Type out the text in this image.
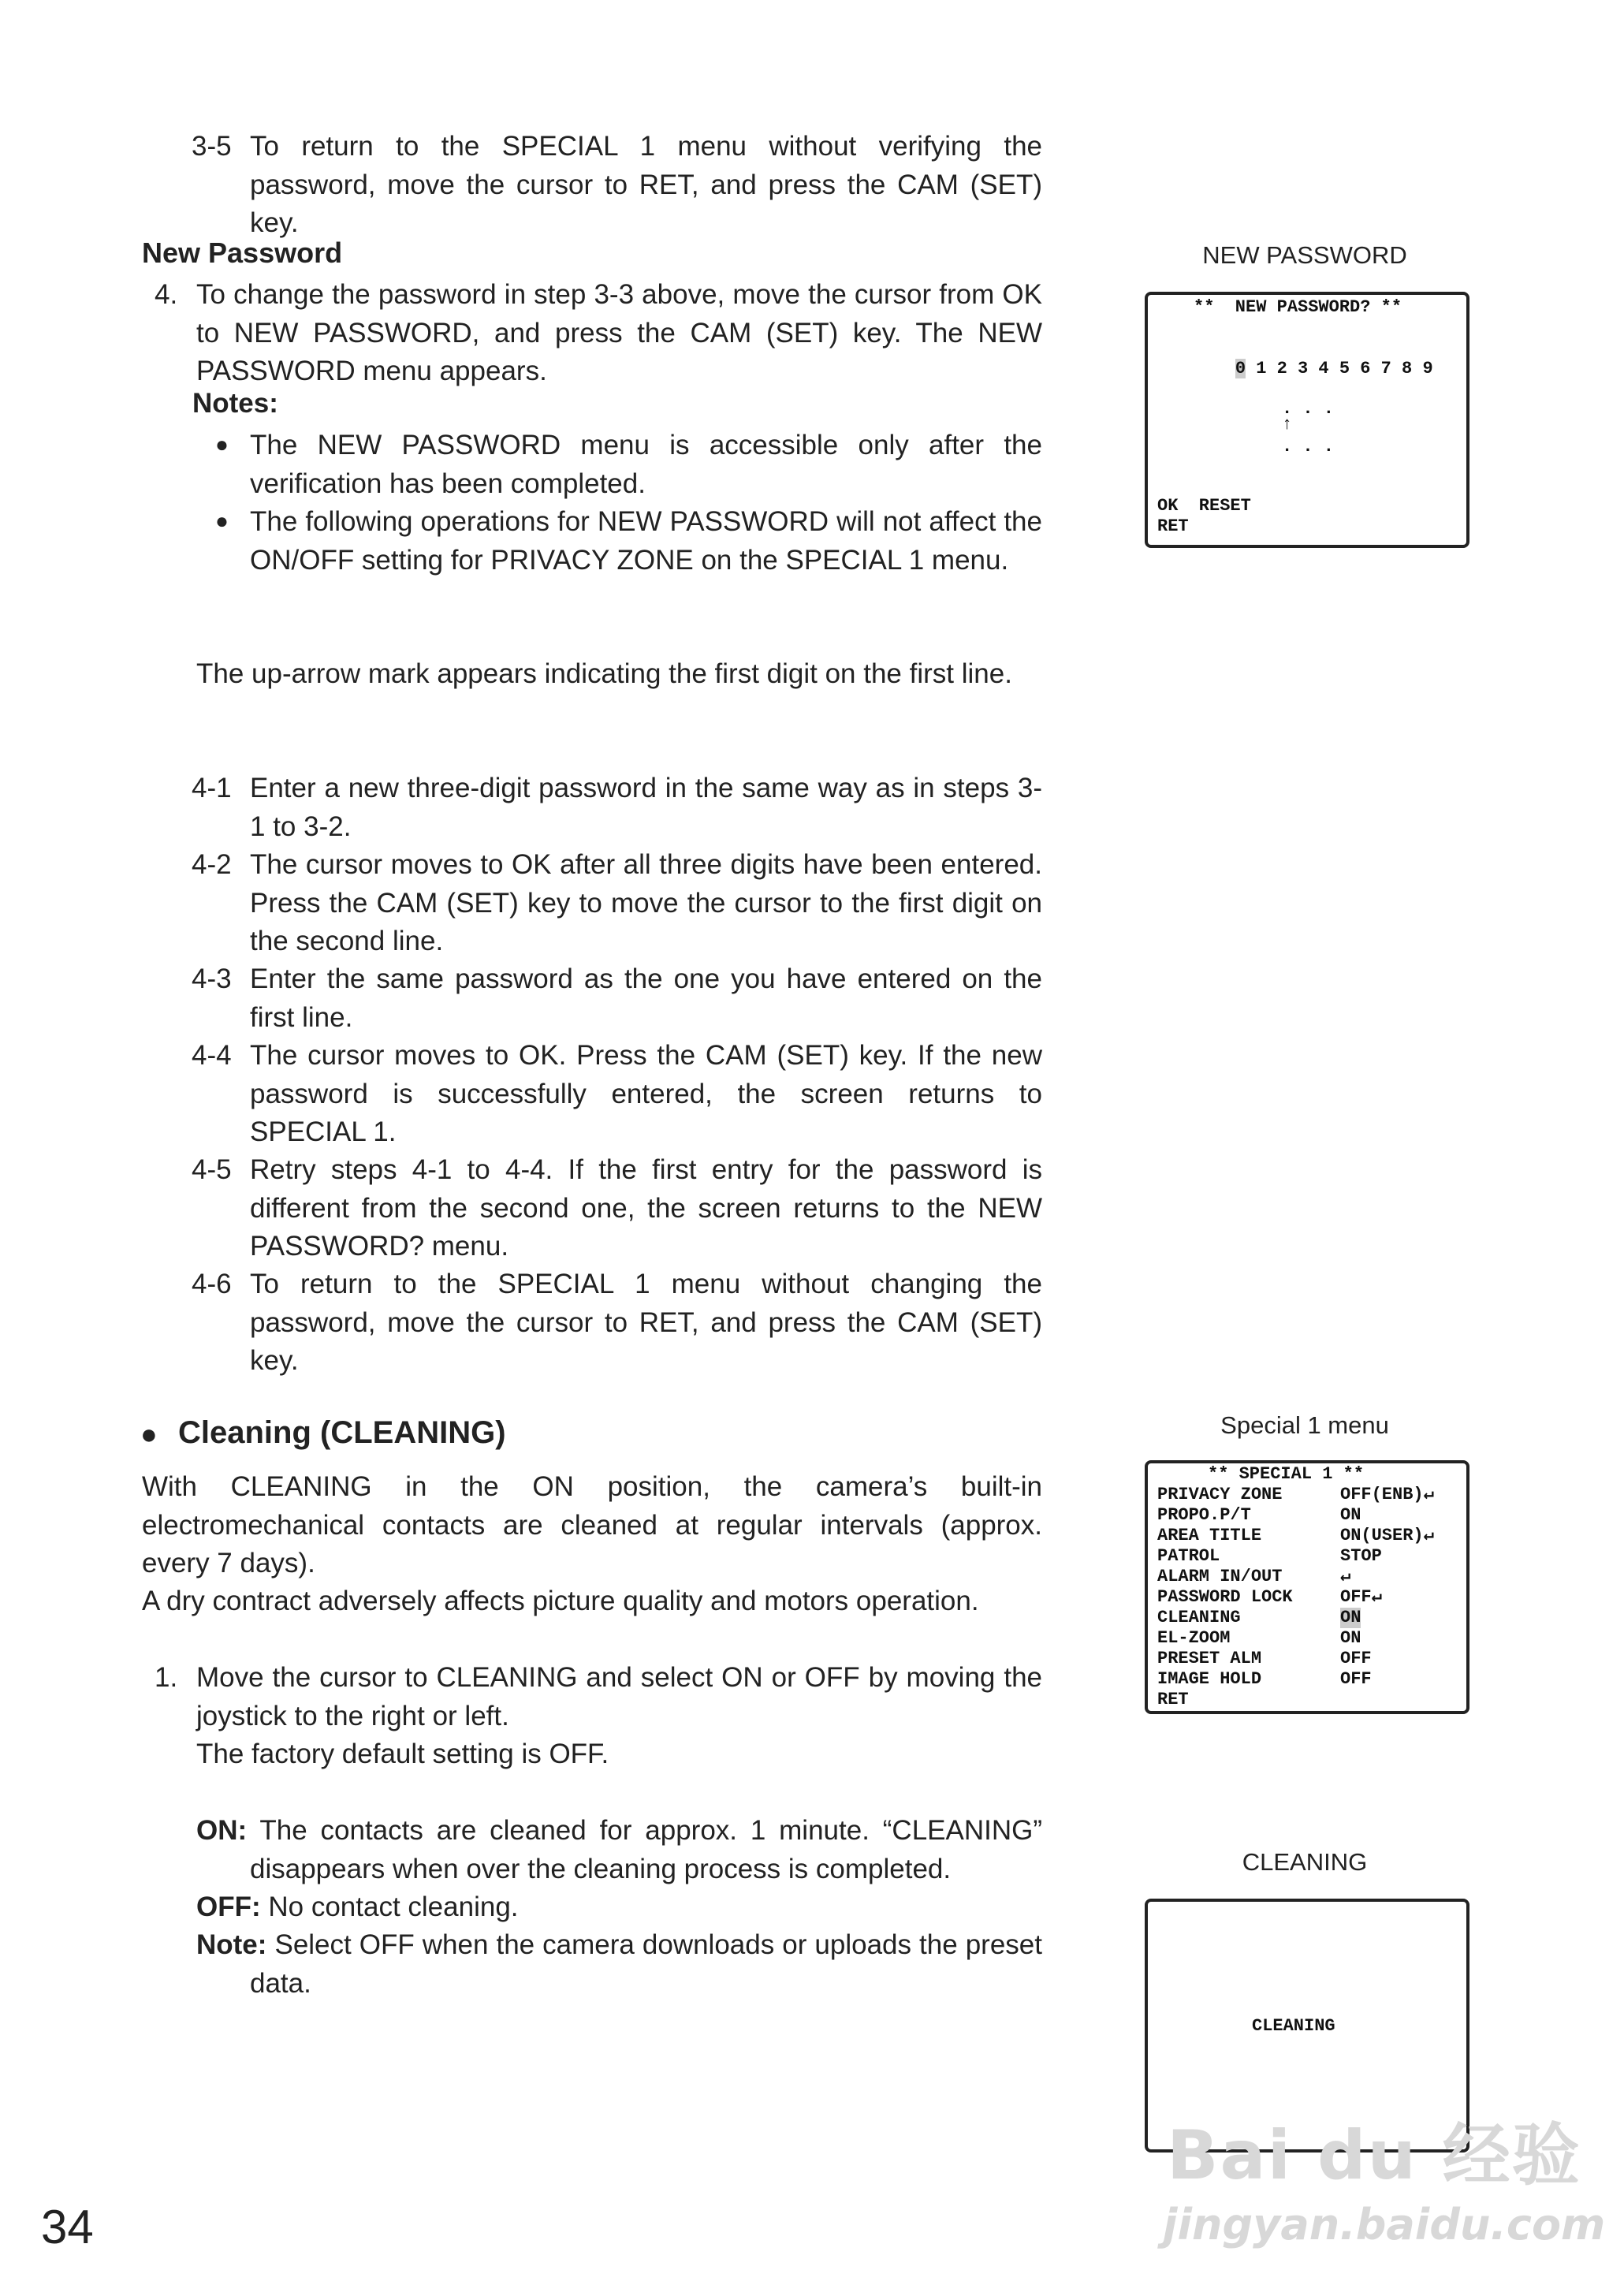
3-5 To return to the SPECIAL 1 menu without verifying the password, move the cursor to RET, and press the CAM (SET) key.
New Password
4. To change the password in step 3-3 above, move the cursor from OK to NEW PASSWORD, and press the CAM (SET) key. The NEW PASSWORD menu appears.
Notes:
● The NEW PASSWORD menu is accessible only after the verification has been completed.
● The following operations for NEW PASSWORD will not affect the ON/OFF setting for PRIVACY ZONE on the SPECIAL 1 menu.
The up-arrow mark appears indicating the first digit on the first line.
4-1 Enter a new three-digit password in the same way as in steps 3-1 to 3-2.
4-2 The cursor moves to OK after all three digits have been entered. Press the CAM (SET) key to move the cursor to the first digit on the second line.
4-3 Enter the same password as the one you have entered on the first line.
4-4 The cursor moves to OK. Press the CAM (SET) key. If the new password is successfully entered, the screen returns to SPECIAL 1.
4-5 Retry steps 4-1 to 4-4. If the first entry for the password is different from the second one, the screen returns to the NEW PASSWORD? menu.
4-6 To return to the SPECIAL 1 menu without changing the password, move the cursor to RET, and press the CAM (SET) key.
● Cleaning (CLEANING)
With CLEANING in the ON position, the camera’s built-in electromechanical contacts are cleaned at regular intervals (approx. every 7 days).
A dry contract adversely affects picture quality and motors operation.
1. Move the cursor to CLEANING and select ON or OFF by moving the joystick to the right or left.
The factory default setting is OFF.
ON: The contacts are cleaned for approx. 1 minute. “CLEANING” disappears when over the cleaning process is completed.
OFF: No contact cleaning.
Note: Select OFF when the camera downloads or uploads the preset data.
NEW PASSWORD
**  NEW PASSWORD? **

0 1 2 3 4 5 6 7 8 9

. . .
↑
. . .
OK  RESET
RET
Special 1 menu
** SPECIAL 1 **
PRIVACY ZONE	OFF(ENB)↵
PROPO.P/T	ON
AREA TITLE	ON(USER)↵
PATROL	STOP
ALARM IN/OUT	↵
PASSWORD LOCK	OFF↵
CLEANING	ON
EL-ZOOM	ON
PRESET ALM	OFF
IMAGE HOLD	OFF
RET
CLEANING
CLEANING
34
Bai du 经验
jingyan.baidu.com
